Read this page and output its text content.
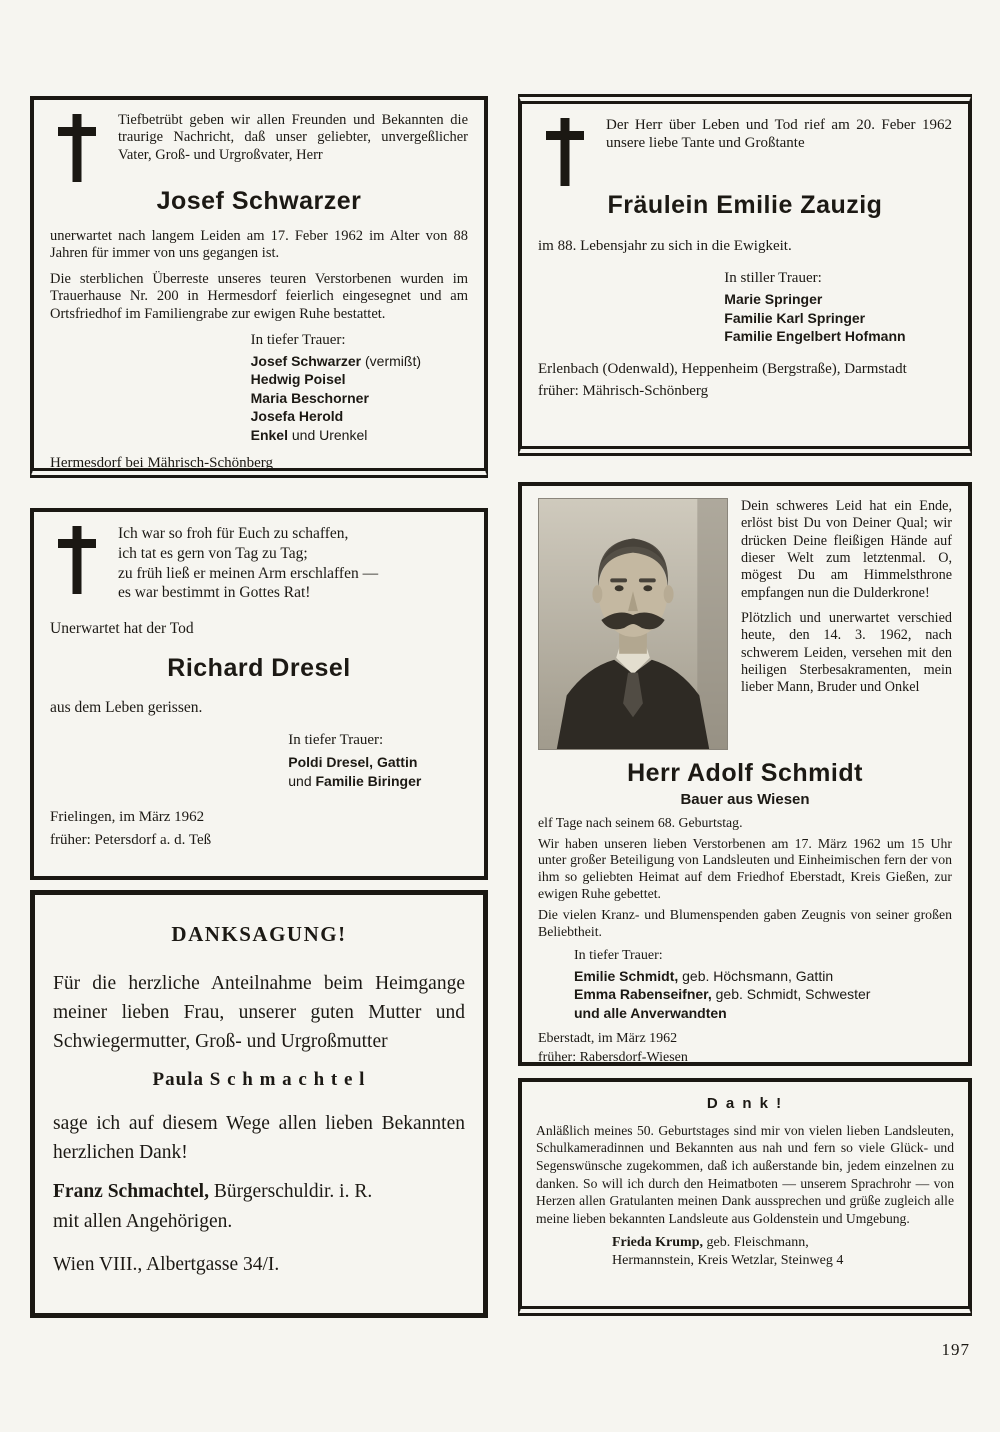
Tiefbetrübt geben wir allen Freunden und Bekannten die traurige Nachricht, daß unser geliebter, unvergeßlicher Vater, Groß- und Urgroßvater, Herr

Josef Schwarzer

unerwartet nach langem Leiden am 17. Feber 1962 im Alter von 88 Jahren für immer von uns gegangen ist.

Die sterblichen Überreste unseres teuren Verstorbenen wurden im Trauerhause Nr. 200 in Hermesdorf feierlich eingesegnet und am Ortsfriedhof im Familiengrabe zur ewigen Ruhe bestattet.

In tiefer Trauer:
Josef Schwarzer (vermißt)
Hedwig Poisel
Maria Beschorner
Josefa Herold
Enkel und Urenkel
Hermesdorf bei Mährisch-Schönberg

Der Herr über Leben und Tod rief am 20. Feber 1962 unsere liebe Tante und Großtante

Fräulein Emilie Zauzig

im 88. Lebensjahr zu sich in die Ewigkeit.

In stiller Trauer:
Marie Springer
Familie Karl Springer
Familie Engelbert Hofmann
Erlenbach (Odenwald), Heppenheim (Bergstraße), Darmstadt
früher: Mährisch-Schönberg
Ich war so froh für Euch zu schaffen,
ich tat es gern von Tag zu Tag;
zu früh ließ er meinen Arm erschlaffen —
es war bestimmt in Gottes Rat!
Unerwartet hat der Tod
Richard Dresel
aus dem Leben gerissen.
In tiefer Trauer:
Poldi Dresel, Gattin
und Familie Biringer
Frielingen, im März 1962
früher: Petersdorf a. d. Teß

Dein schweres Leid hat ein Ende, erlöst bist Du von Deiner Qual; wir drücken Deine fleißigen Hände auf dieser Welt zum letztenmal. O, mögest Du am Himmelsthrone empfangen nun die Dulderkrone!

Plötzlich und unerwartet verschied heute, den 14. 3. 1962, nach schwerem Leiden, versehen mit den heiligen Sterbesakramenten, mein lieber Mann, Bruder und Onkel

Herr Adolf Schmidt
Bauer aus Wiesen

elf Tage nach seinem 68. Geburtstag.

Wir haben unseren lieben Verstorbenen am 17. März 1962 um 15 Uhr unter großer Beteiligung von Landsleuten und Einheimischen fern der von ihm so geliebten Heimat auf dem Friedhof Eberstadt, Kreis Gießen, zur ewigen Ruhe gebettet.

Die vielen Kranz- und Blumenspenden gaben Zeugnis von seiner großen Beliebtheit.

In tiefer Trauer:
Emilie Schmidt, geb. Höchsmann, Gattin
Emma Rabenseifner, geb. Schmidt, Schwester
und alle Anverwandten
Eberstadt, im März 1962
früher: Rabersdorf-Wiesen
DANKSAGUNG!

Für die herzliche Anteilnahme beim Heimgange meiner lieben Frau, unserer guten Mutter und Schwiegermutter, Groß- und Urgroßmutter

Paula S c h m a c h t e l

sage ich auf diesem Wege allen lieben Bekannten herzlichen Dank!

Franz Schmachtel, Bürgerschuldir. i. R.

mit allen Angehörigen.
Wien VIII., Albertgasse 34/I.
D a n k !

Anläßlich meines 50. Geburtstages sind mir von vielen lieben Landsleuten, Schulkameradinnen und Bekannten aus nah und fern so viele Glück- und Segenswünsche zugekommen, daß ich außerstande bin, jedem einzelnen zu danken. So will ich durch den Heimatboten — unserem Sprachrohr — von Herzen allen Gratulanten meinen Dank aussprechen und grüße zugleich alle meine lieben bekannten Landsleute aus Goldenstein und Umgebung.

Frieda Krump, geb. Fleischmann,
Hermannstein, Kreis Wetzlar, Steinweg 4
197
